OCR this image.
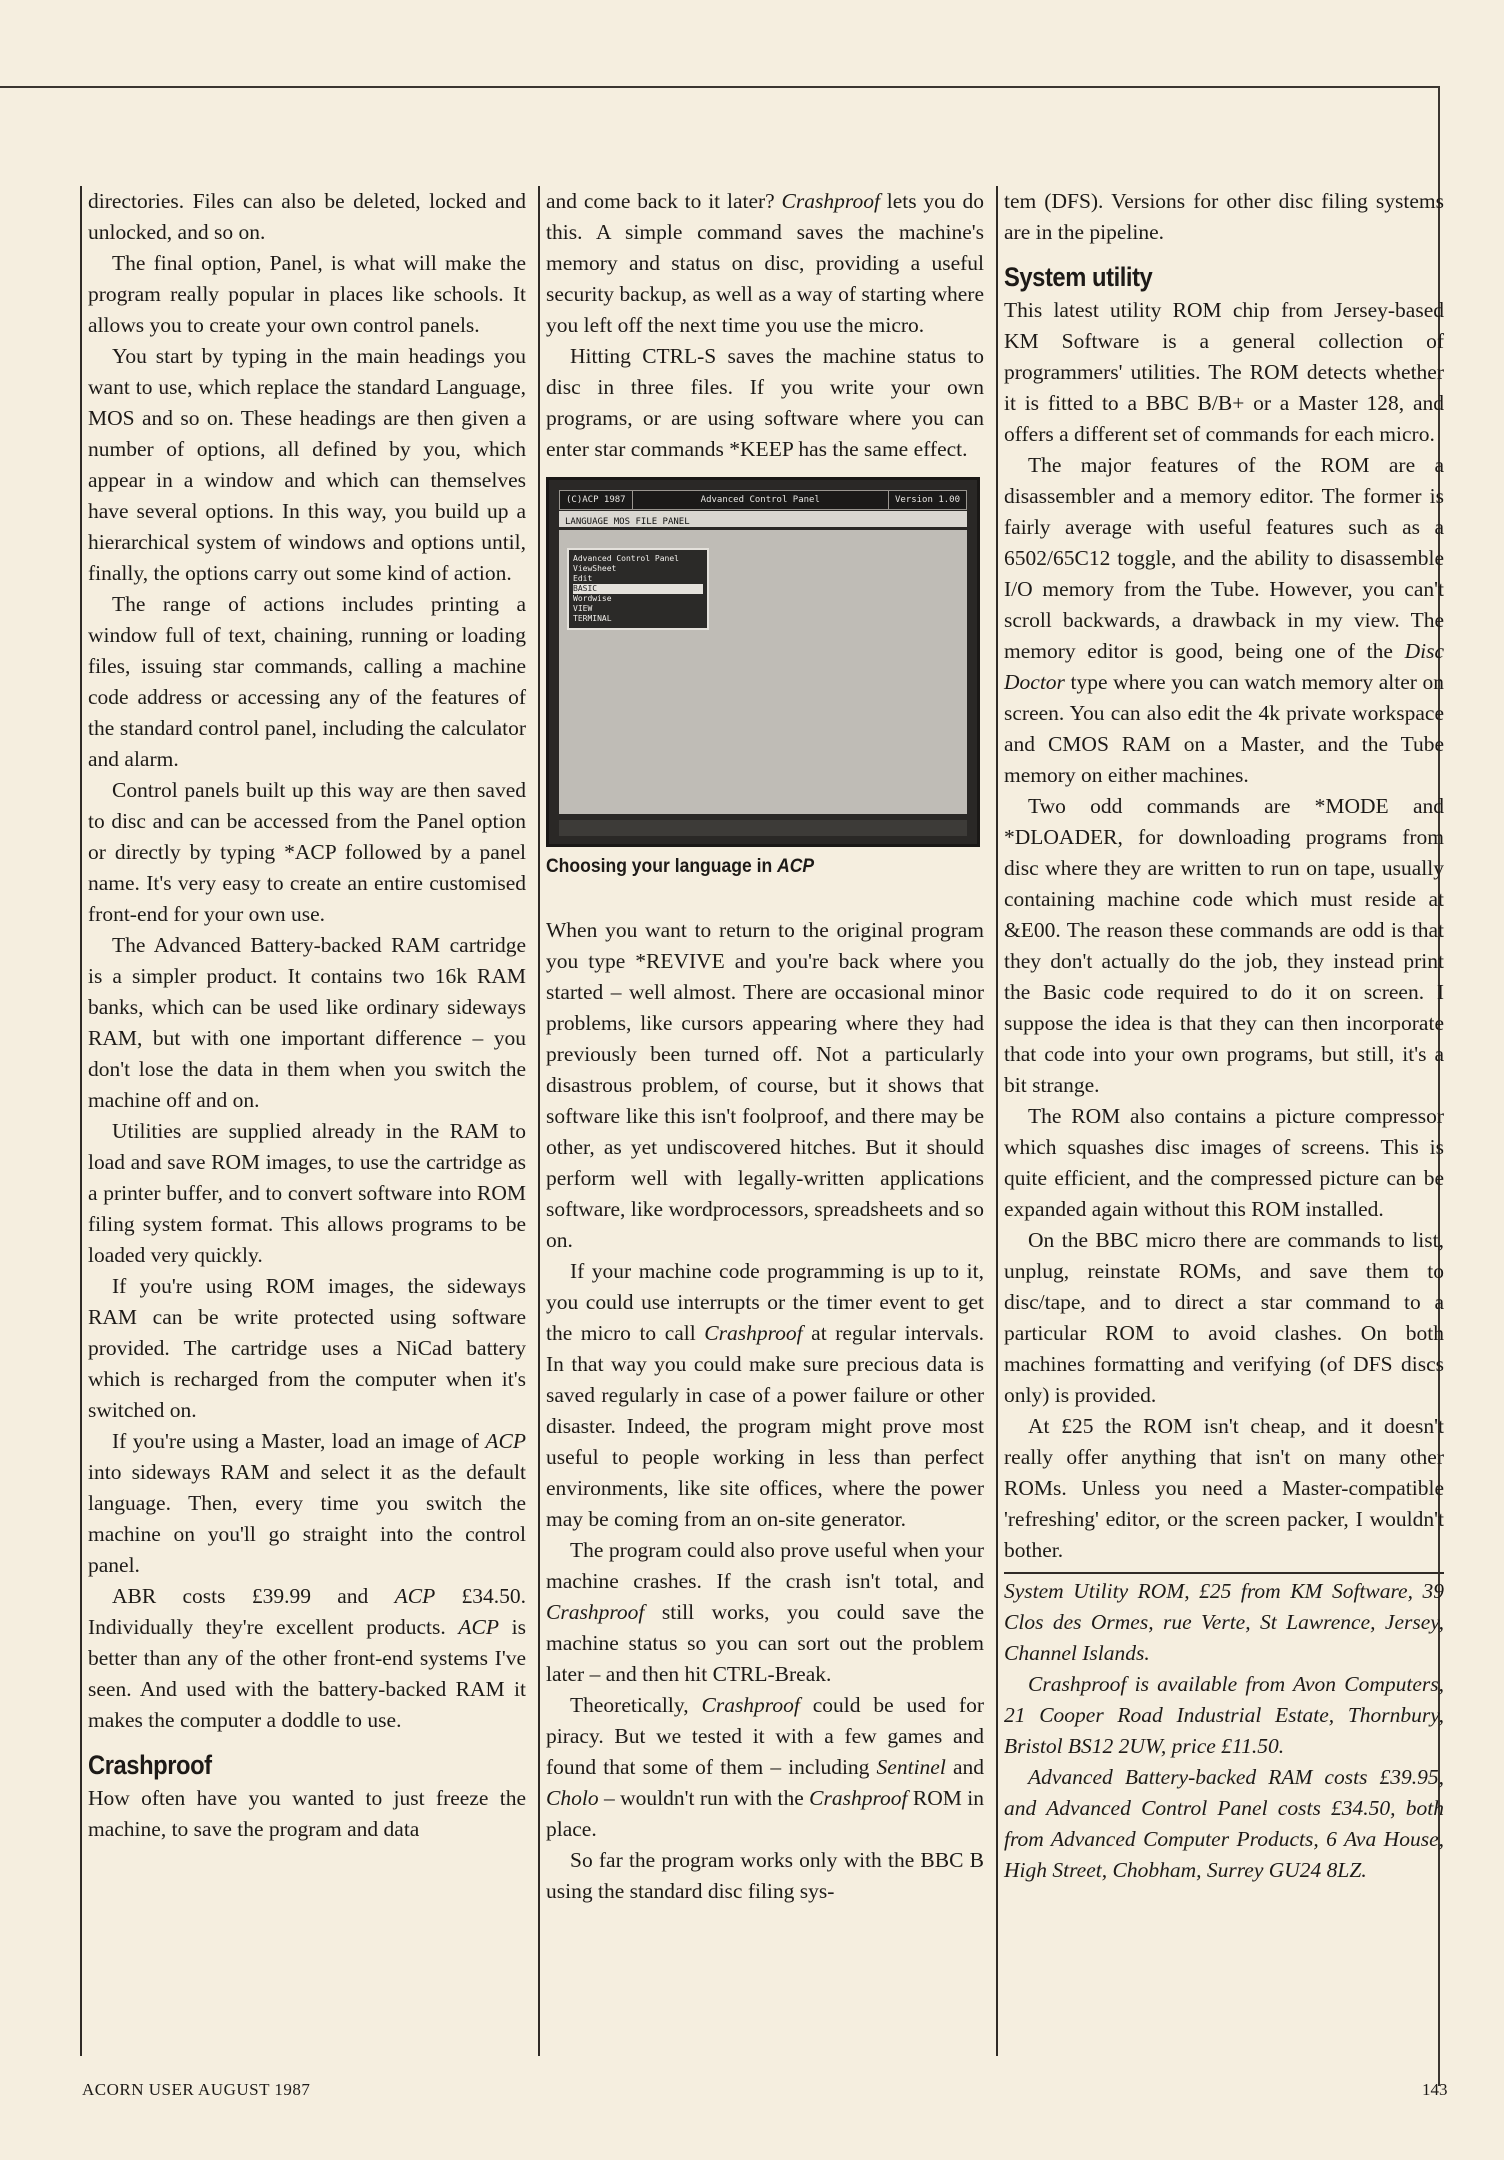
directories. Files can also be deleted, locked and unlocked, and so on.

The final option, Panel, is what will make the program really popular in places like schools. It allows you to create your own control panels.

You start by typing in the main headings you want to use, which replace the standard Language, MOS and so on. These headings are then given a number of options, all defined by you, which appear in a window and which can themselves have several options. In this way, you build up a hierarchical system of windows and options until, finally, the options carry out some kind of action.

The range of actions includes printing a window full of text, chaining, running or loading files, issuing star commands, calling a machine code address or accessing any of the features of the standard control panel, including the calculator and alarm.

Control panels built up this way are then saved to disc and can be accessed from the Panel option or directly by typing *ACP followed by a panel name. It's very easy to create an entire customised front-end for your own use.

The Advanced Battery-backed RAM cartridge is a simpler product. It contains two 16k RAM banks, which can be used like ordinary sideways RAM, but with one important difference – you don't lose the data in them when you switch the machine off and on.

Utilities are supplied already in the RAM to load and save ROM images, to use the cartridge as a printer buffer, and to convert software into ROM filing system format. This allows programs to be loaded very quickly.

If you're using ROM images, the sideways RAM can be write protected using software provided. The cartridge uses a NiCad battery which is recharged from the computer when it's switched on.

If you're using a Master, load an image of ACP into sideways RAM and select it as the default language. Then, every time you switch the machine on you'll go straight into the control panel.

ABR costs £39.99 and ACP £34.50. Individually they're excellent products. ACP is better than any of the other front-end systems I've seen. And used with the battery-backed RAM it makes the computer a doddle to use.

Crashproof

How often have you wanted to just freeze the machine, to save the program and data

and come back to it later? Crashproof lets you do this. A simple command saves the machine's memory and status on disc, providing a useful security backup, as well as a way of starting where you left off the next time you use the micro.

Hitting CTRL-S saves the machine status to disc in three files. If you write your own programs, or are using software where you can enter star commands *KEEP has the same effect.

(C)ACP 1987	Advanced Control Panel	Version 1.00
LANGUAGE MOS FILE PANEL
Advanced Control Panel
ViewSheet
Edit
BASIC
Wordwise
VIEW
TERMINAL
Choosing your language in ACP

When you want to return to the original program you type *REVIVE and you're back where you started – well almost. There are occasional minor problems, like cursors appearing where they had previously been turned off. Not a particularly disastrous problem, of course, but it shows that software like this isn't foolproof, and there may be other, as yet undiscovered hitches. But it should perform well with legally-written applications software, like wordprocessors, spreadsheets and so on.

If your machine code programming is up to it, you could use interrupts or the timer event to get the micro to call Crashproof at regular intervals. In that way you could make sure precious data is saved regularly in case of a power failure or other disaster. Indeed, the program might prove most useful to people working in less than perfect environments, like site offices, where the power may be coming from an on-site generator.

The program could also prove useful when your machine crashes. If the crash isn't total, and Crashproof still works, you could save the machine status so you can sort out the problem later – and then hit CTRL-Break.

Theoretically, Crashproof could be used for piracy. But we tested it with a few games and found that some of them – including Sentinel and Cholo – wouldn't run with the Crashproof ROM in place.

So far the program works only with the BBC B using the standard disc filing sys-

tem (DFS). Versions for other disc filing systems are in the pipeline.

System utility

This latest utility ROM chip from Jersey-based KM Software is a general collection of programmers' utilities. The ROM detects whether it is fitted to a BBC B/B+ or a Master 128, and offers a different set of commands for each micro.

The major features of the ROM are a disassembler and a memory editor. The former is fairly average with useful features such as a 6502/65C12 toggle, and the ability to disassemble I/O memory from the Tube. However, you can't scroll backwards, a drawback in my view. The memory editor is good, being one of the Disc Doctor type where you can watch memory alter on screen. You can also edit the 4k private workspace and CMOS RAM on a Master, and the Tube memory on either machines.

Two odd commands are *MODE and *DLOADER, for downloading programs from disc where they are written to run on tape, usually containing machine code which must reside at &E00. The reason these commands are odd is that they don't actually do the job, they instead print the Basic code required to do it on screen. I suppose the idea is that they can then incorporate that code into your own programs, but still, it's a bit strange.

The ROM also contains a picture compressor which squashes disc images of screens. This is quite efficient, and the compressed picture can be expanded again without this ROM installed.

On the BBC micro there are commands to list, unplug, reinstate ROMs, and save them to disc/tape, and to direct a star command to a particular ROM to avoid clashes. On both machines formatting and verifying (of DFS discs only) is provided.

At £25 the ROM isn't cheap, and it doesn't really offer anything that isn't on many other ROMs. Unless you need a Master-compatible 'refreshing' editor, or the screen packer, I wouldn't bother.

System Utility ROM, £25 from KM Software, 39 Clos des Ormes, rue Verte, St Lawrence, Jersey, Channel Islands.

Crashproof is available from Avon Computers, 21 Cooper Road Industrial Estate, Thornbury, Bristol BS12 2UW, price £11.50.

Advanced Battery-backed RAM costs £39.95, and Advanced Control Panel costs £34.50, both from Advanced Computer Products, 6 Ava House, High Street, Chobham, Surrey GU24 8LZ.

ACORN USER AUGUST 1987	143
